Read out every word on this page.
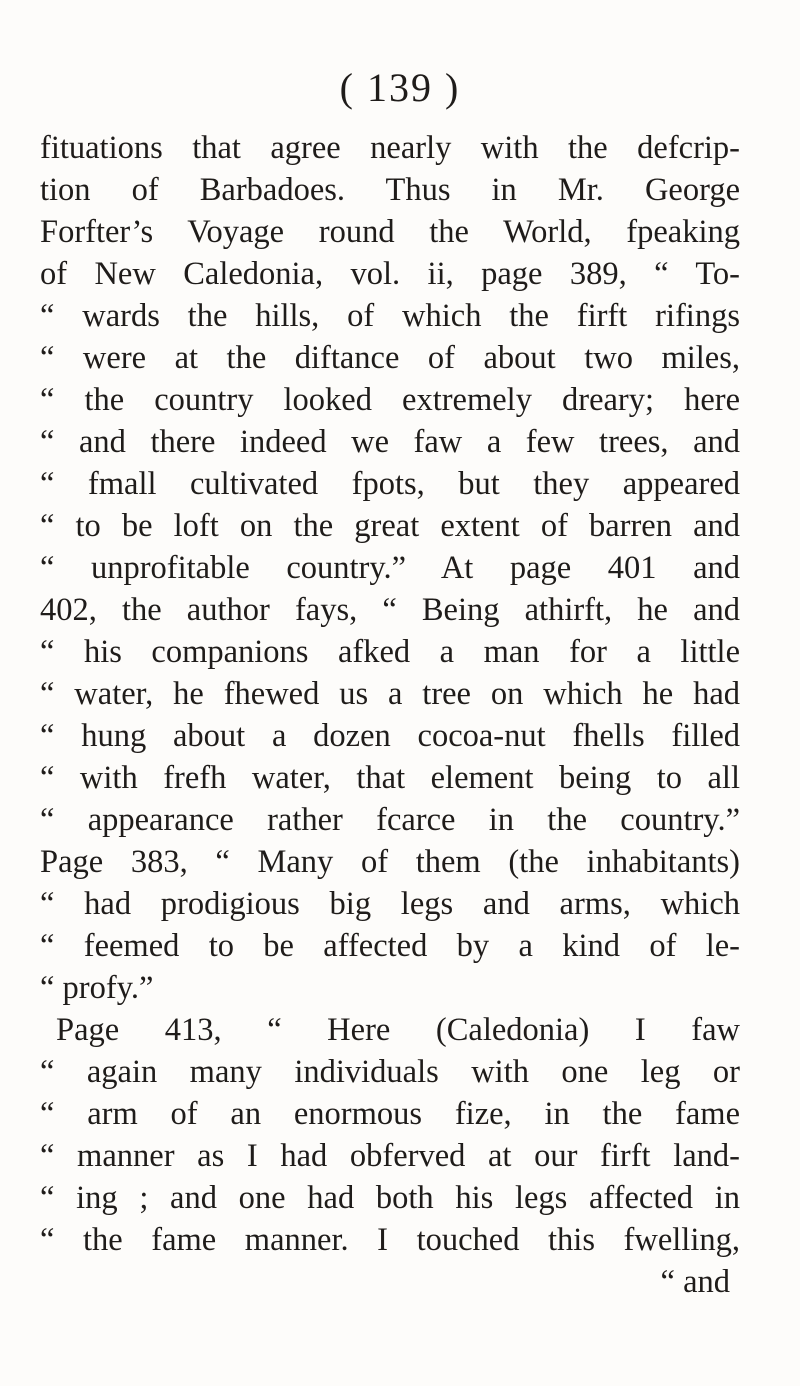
( 139 )
fituations that agree nearly with the defcrip-
tion of Barbadoes. Thus in Mr. George
Forfter’s Voyage round the World, fpeaking
of New Caledonia, vol. ii, page 389, “ To-
“ wards the hills, of which the firft rifings
“ were at the diftance of about two miles,
“ the country looked extremely dreary; here
“ and there indeed we faw a few trees, and
“ fmall cultivated fpots, but they appeared
“ to be loft on the great extent of barren and
“ unprofitable country.” At page 401 and
402, the author fays, “ Being athirft, he and
“ his companions afked a man for a little
“ water, he fhewed us a tree on which he had
“ hung about a dozen cocoa-nut fhells filled
“ with frefh water, that element being to all
“ appearance rather fcarce in the country.”
Page 383, “ Many of them (the inhabitants)
“ had prodigious big legs and arms, which
“ feemed to be affected by a kind of le-
“ profy.”
Page 413, “ Here (Caledonia) I faw
“ again many individuals with one leg or
“ arm of an enormous fize, in the fame
“ manner as I had obferved at our firft land-
“ ing ; and one had both his legs affected in
“ the fame manner. I touched this fwelling,
“ and
